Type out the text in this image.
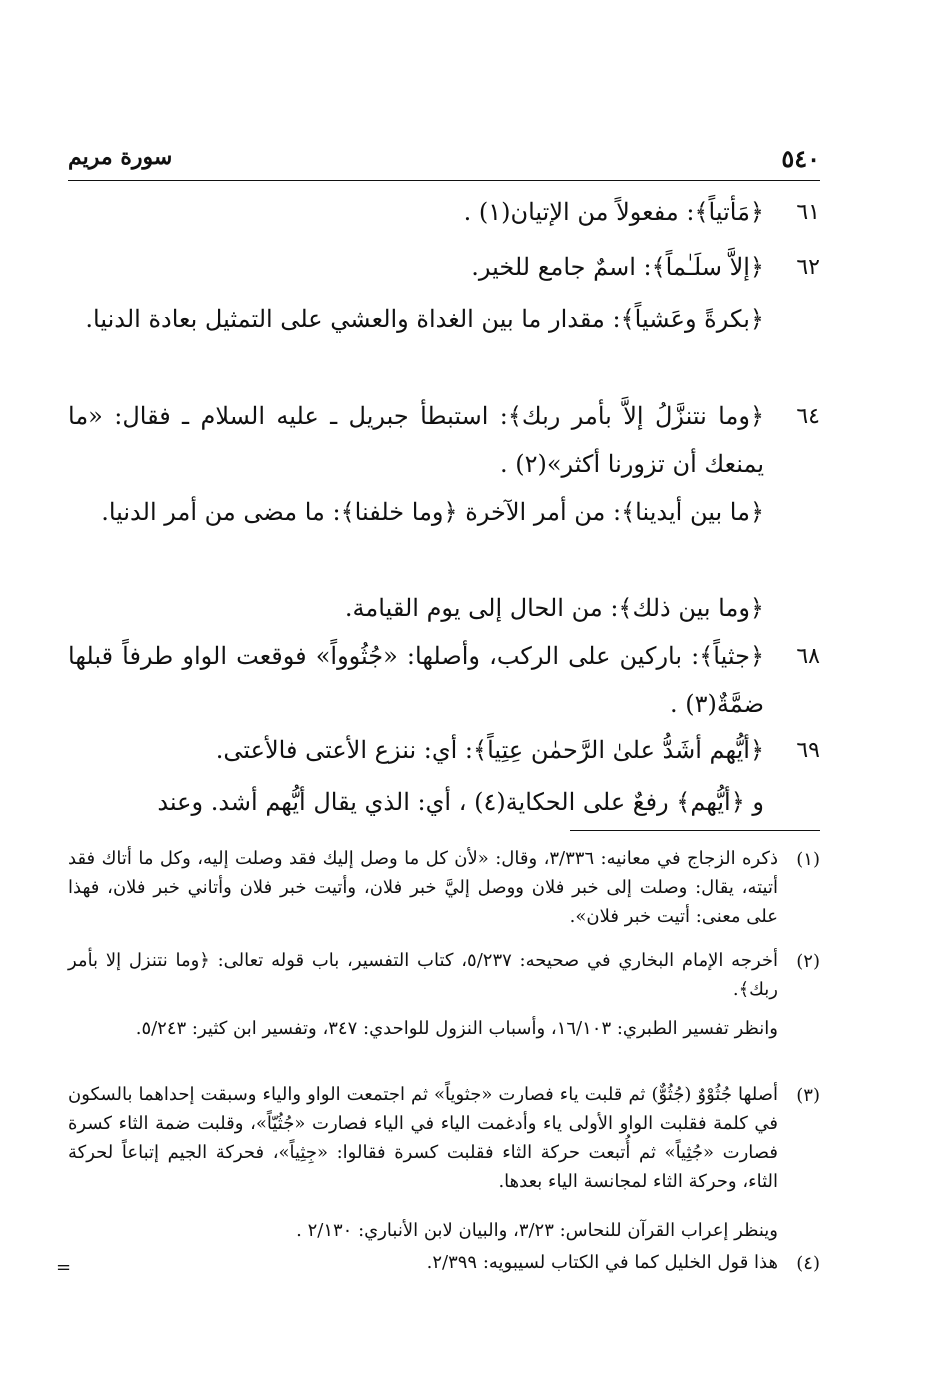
٥٤٠
سورة مريم
٦١
﴿مَأتياً﴾: مفعولاً من الإتيان(١) .
٦٢
﴿إلاَّ سلَـٰماً﴾: اسمٌ جامع للخير.
﴿بكرةً وعَشياً﴾: مقدار ما بين الغداة والعشي على التمثيل بعادة الدنيا.
٦٤
﴿وما نتنزَّلُ إلاَّ بأمر ربك﴾: استبطأ جبريل ـ عليه السلام ـ فقال: «ما يمنعك أن تزورنا أكثر»(٢) .
﴿ما بين أيدينا﴾: من أمر الآخرة ﴿وما خلفنا﴾: ما مضى من أمر الدنيا.
﴿وما بين ذلك﴾: من الحال إلى يوم القيامة.
٦٨
﴿جثياً﴾: باركين على الركب، وأصلها: «جُثُوواً» فوقعت الواو طرفاً قبلها ضمَّةٌ(٣) .
٦٩
﴿أيُّهم أشَدُّ علىٰ الرَّحمٰن عِتِياً﴾: أي: ننزع الأعتى فالأعتى.
و ﴿أيُّهم﴾ رفعٌ على الحكاية(٤) ، أي: الذي يقال أيُّهم أشد. وعند
(١)
ذكره الزجاج في معانيه: ٣/٣٣٦، وقال: «لأن كل ما وصل إليك فقد وصلت إليه، وكل ما أتاك فقد أتيته، يقال: وصلت إلى خبر فلان ووصل إليَّ خبر فلان، وأتيت خبر فلان وأتاني خبر فلان، فهذا على معنى: أتيت خبر فلان».
(٢)
أخرجه الإمام البخاري في صحيحه: ٥/٢٣٧، كتاب التفسير، باب قوله تعالى: ﴿وما نتنزل إلا بأمر ربك﴾.
وانظر تفسير الطبري: ١٦/١٠٣، وأسباب النزول للواحدي: ٣٤٧، وتفسير ابن كثير: ٥/٢٤٣.
(٣)
أصلها جُثُوْوٌ (جُثُوٌّ) ثم قلبت ياء فصارت «جثوياً» ثم اجتمعت الواو والياء وسبقت إحداهما بالسكون في كلمة فقلبت الواو الأولى ياء وأدغمت الياء في الياء فصارت «جُثُيّاً»، وقلبت ضمة الثاء كسرة فصارت «جُثِياً» ثم أُتبعت حركة الثاء فقلبت كسرة فقالوا: «جِثِياً»، فحركة الجيم إتباعاً لحركة الثاء، وحركة الثاء لمجانسة الياء بعدها.
وينظر إعراب القرآن للنحاس: ٣/٢٣، والبيان لابن الأنباري: ٢/١٣٠ .
(٤)
هذا قول الخليل كما في الكتاب لسيبويه: ٢/٣٩٩.
=
